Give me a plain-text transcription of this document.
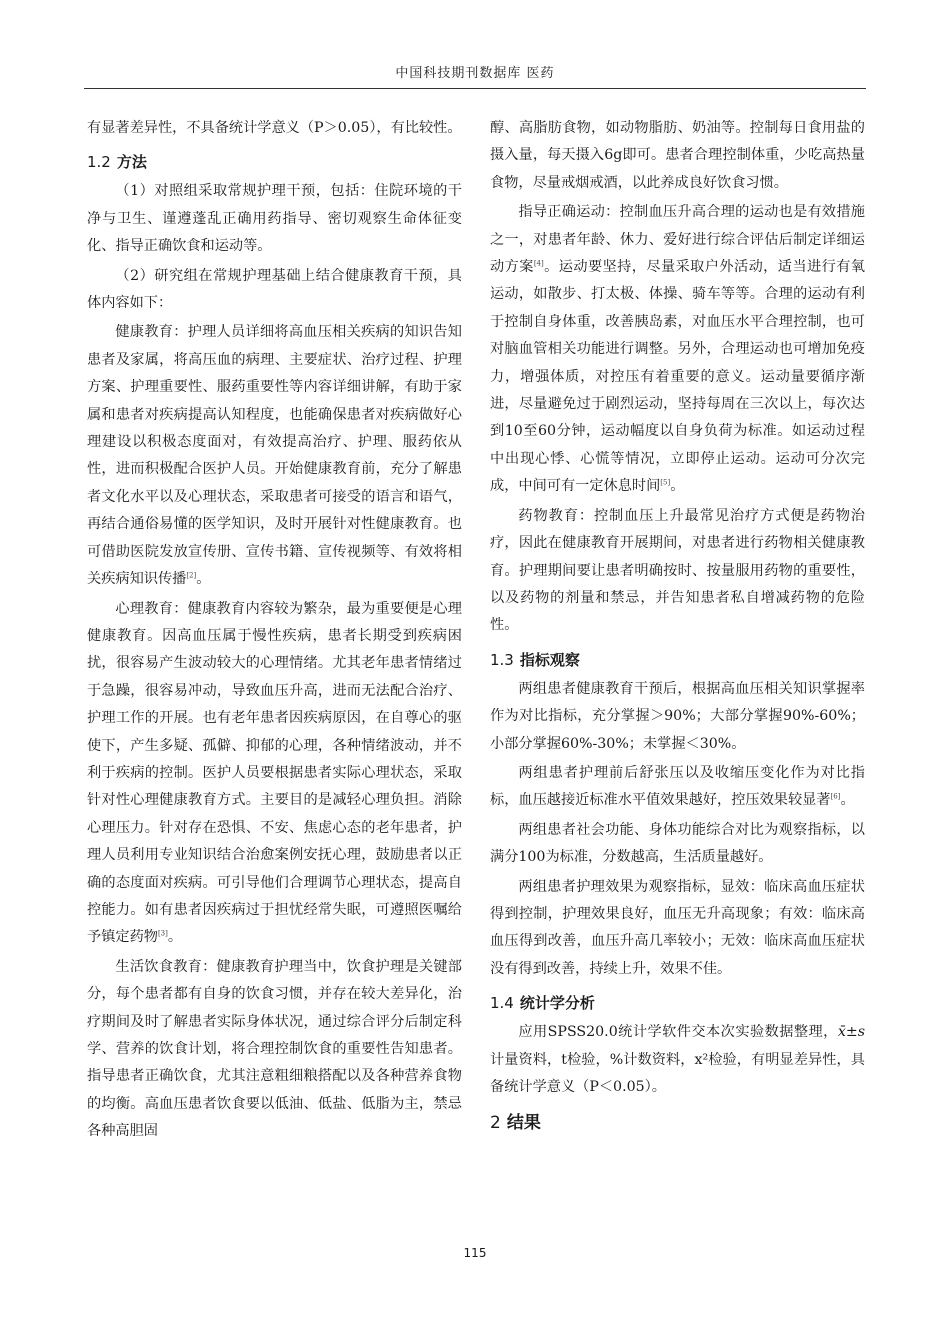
中国科技期刊数据库 医药

有显著差异性，不具备统计学意义（P＞0.05），有比较性。

1.2 方法

（1）对照组采取常规护理干预，包括：住院环境的干净与卫生、谨遵蓬乱正确用药指导、密切观察生命体征变化、指导正确饮食和运动等。

（2）研究组在常规护理基础上结合健康教育干预，具体内容如下：

健康教育：护理人员详细将高血压相关疾病的知识告知患者及家属，将高压血的病理、主要症状、治疗过程、护理方案、护理重要性、服药重要性等内容详细讲解，有助于家属和患者对疾病提高认知程度，也能确保患者对疾病做好心理建设以积极态度面对，有效提高治疗、护理、服药依从性，进而积极配合医护人员。开始健康教育前，充分了解患者文化水平以及心理状态，采取患者可接受的语言和语气，再结合通俗易懂的医学知识，及时开展针对性健康教育。也可借助医院发放宣传册、宣传书籍、宣传视频等、有效将相关疾病知识传播[2]。

心理教育：健康教育内容较为繁杂，最为重要便是心理健康教育。因高血压属于慢性疾病，患者长期受到疾病困扰，很容易产生波动较大的心理情绪。尤其老年患者情绪过于急躁，很容易冲动，导致血压升高，进而无法配合治疗、护理工作的开展。也有老年患者因疾病原因，在自尊心的驱使下，产生多疑、孤僻、抑郁的心理，各种情绪波动，并不利于疾病的控制。医护人员要根据患者实际心理状态，采取针对性心理健康教育方式。主要目的是减轻心理负担。消除心理压力。针对存在恐惧、不安、焦虑心态的老年患者，护理人员利用专业知识结合治愈案例安抚心理，鼓励患者以正确的态度面对疾病。可引导他们合理调节心理状态，提高自控能力。如有患者因疾病过于担忧经常失眠，可遵照医嘱给予镇定药物[3]。

生活饮食教育：健康教育护理当中，饮食护理是关键部分，每个患者都有自身的饮食习惯，并存在较大差异化，治疗期间及时了解患者实际身体状况，通过综合评分后制定科学、营养的饮食计划，将合理控制饮食的重要性告知患者。指导患者正确饮食，尤其注意粗细粮搭配以及各种营养食物的均衡。高血压患者饮食要以低油、低盐、低脂为主，禁忌各种高胆固

醇、高脂肪食物，如动物脂肪、奶油等。控制每日食用盐的摄入量，每天摄入6g即可。患者合理控制体重，少吃高热量食物，尽量戒烟戒酒，以此养成良好饮食习惯。

指导正确运动：控制血压升高合理的运动也是有效措施之一，对患者年龄、休力、爱好进行综合评估后制定详细运动方案[4]。运动要坚持，尽量采取户外活动，适当进行有氧运动，如散步、打太极、体操、骑车等等。合理的运动有利于控制自身体重，改善胰岛素，对血压水平合理控制，也可对脑血管相关功能进行调整。另外，合理运动也可增加免疫力，增强体质，对控压有着重要的意义。运动量要循序渐进，尽量避免过于剧烈运动，坚持每周在三次以上，每次达到10至60分钟，运动幅度以自身负荷为标准。如运动过程中出现心悸、心慌等情况，立即停止运动。运动可分次完成，中间可有一定休息时间[5]。

药物教育：控制血压上升最常见治疗方式便是药物治疗，因此在健康教育开展期间，对患者进行药物相关健康教育。护理期间要让患者明确按时、按量服用药物的重要性，以及药物的剂量和禁忌，并告知患者私自增减药物的危险性。

1.3 指标观察

两组患者健康教育干预后，根据高血压相关知识掌握率作为对比指标，充分掌握＞90%；大部分掌握90%-60%；小部分掌握60%-30%；未掌握＜30%。

两组患者护理前后舒张压以及收缩压变化作为对比指标，血压越接近标准水平值效果越好，控压效果较显著[6]。

两组患者社会功能、身体功能综合对比为观察指标，以满分100为标准，分数越高，生活质量越好。

两组患者护理效果为观察指标，显效：临床高血压症状得到控制，护理效果良好，血压无升高现象；有效：临床高血压得到改善，血压升高几率较小；无效：临床高血压症状没有得到改善，持续上升，效果不佳。

1.4 统计学分析

应用SPSS20.0统计学软件交本次实验数据整理，x̄±s计量资料，t检验，%计数资料，x²检验，有明显差异性，具备统计学意义（P＜0.05）。

2 结果
115
